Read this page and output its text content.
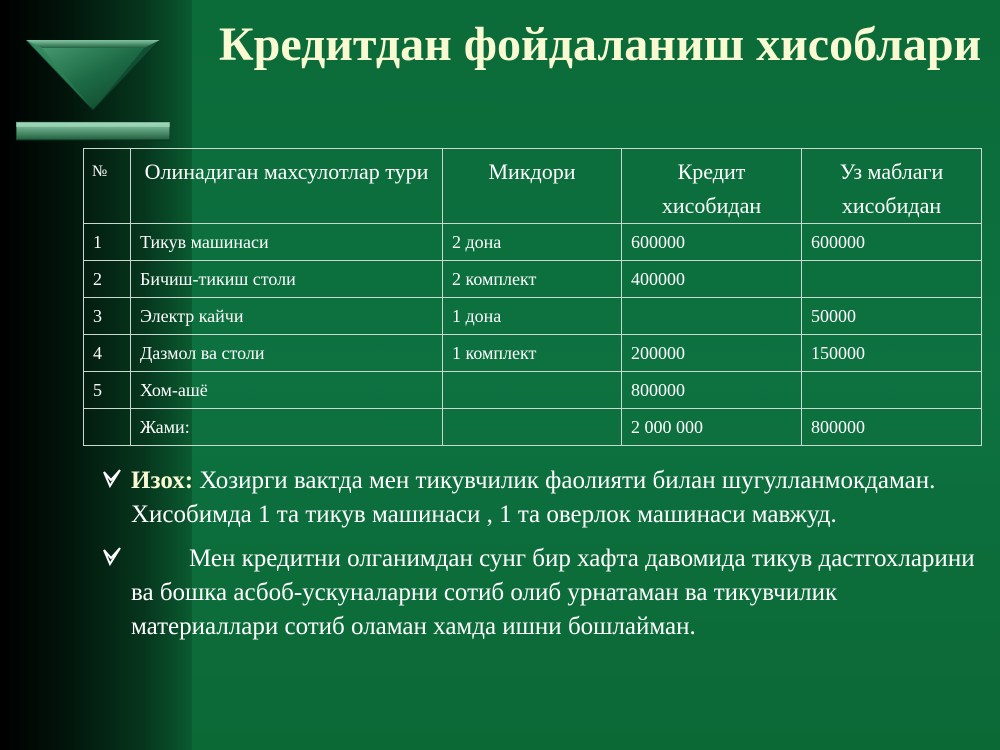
Кредитдан фойдаланиш хисоблари
№	Олинадиган махсулотлар тури	Микдори	Кредит хисобидан	Уз маблаги хисобидан
1	Тикув машинаси	2 дона	600000	600000
2	Бичиш-тикиш столи	2 комплект	400000	
3	Электр кайчи	1 дона		50000
4	Дазмол ва столи	1 комплект	200000	150000
5	Хом-ашё		800000	
	Жами:		2 000 000	800000
Изох: Хозирги вактда мен тикувчилик фаолияти билан шугулланмокдаман. Хисобимда 1 та тикув машинаси , 1 та оверлок машинаси мавжуд.
Мен кредитни олганимдан сунг бир хафта давомида тикув дастгохларини ва бошка асбоб-ускуналарни сотиб олиб урнатаман ва тикувчилик материаллари сотиб оламан хамда ишни бошлайман.
